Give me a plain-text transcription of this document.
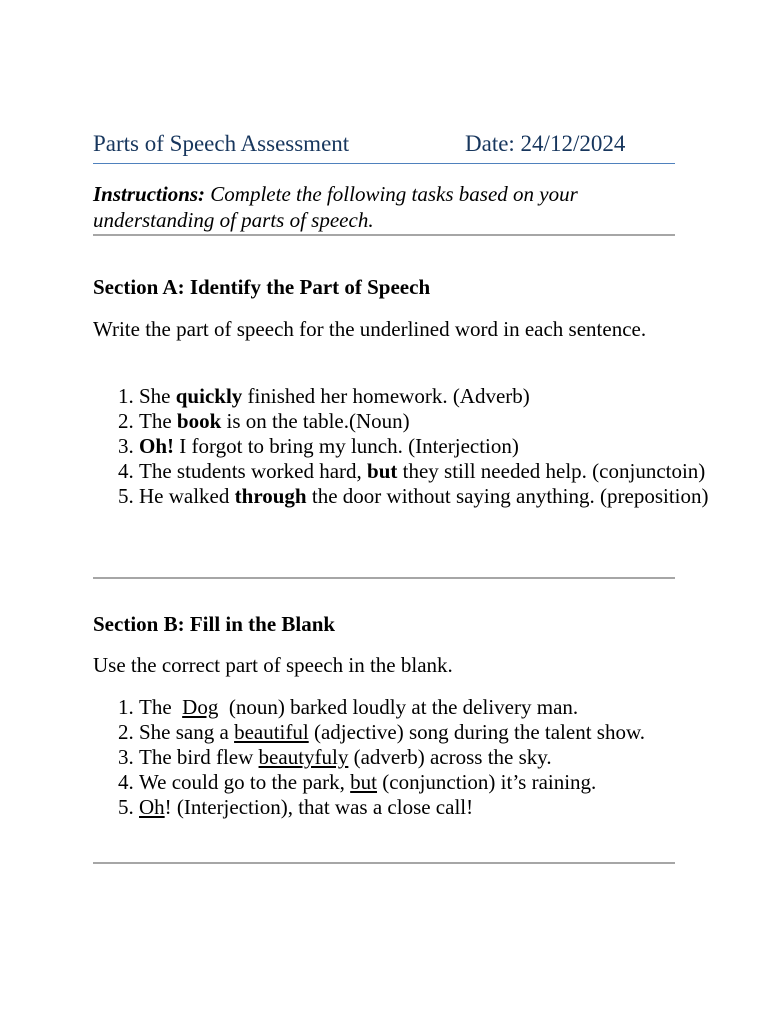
Parts of Speech Assessment	Date: 24/12/2024
Instructions: Complete the following tasks based on your understanding of parts of speech.
Section A: Identify the Part of Speech

Write the part of speech for the underlined word in each sentence.

1. She quickly finished her homework. (Adverb)
2. The book is on the table.(Noun)
3. Oh! I forgot to bring my lunch. (Interjection)
4. The students worked hard, but they still needed help. (conjunctoin)
5. He walked through the door without saying anything. (preposition)
Section B: Fill in the Blank

Use the correct part of speech in the blank.

1. The  Dog  (noun) barked loudly at the delivery man.
2. She sang a beautiful (adjective) song during the talent show.
3. The bird flew beautyfuly (adverb) across the sky.
4. We could go to the park, but (conjunction) it’s raining.
5. Oh! (Interjection), that was a close call!
